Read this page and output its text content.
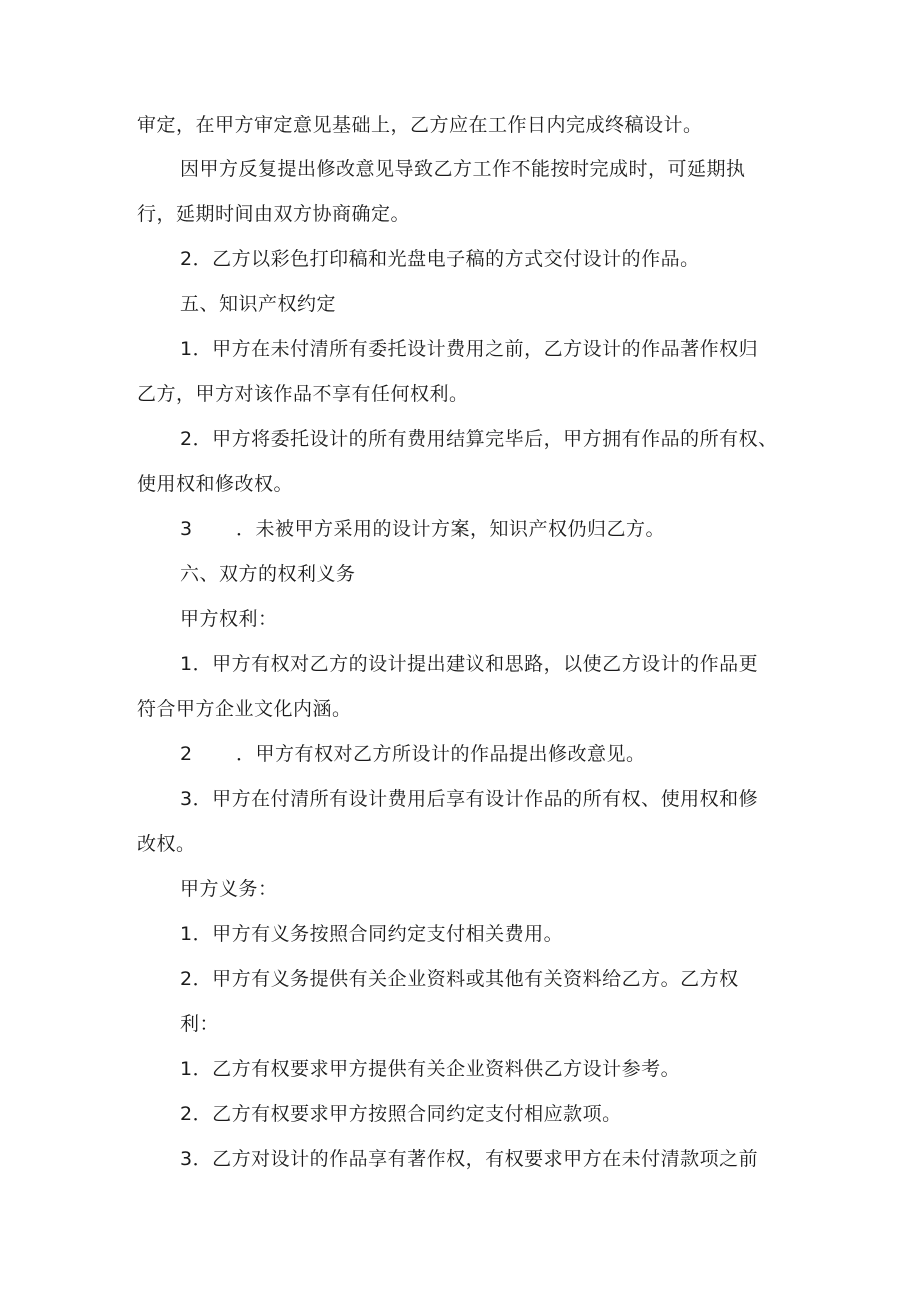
审定，在甲方审定意见基础上，乙方应在工作日内完成终稿设计。
因甲方反复提出修改意见导致乙方工作不能按时完成时，可延期执
行，延期时间由双方协商确定。
2．乙方以彩色打印稿和光盘电子稿的方式交付设计的作品。
五、知识产权约定
1．甲方在未付清所有委托设计费用之前，乙方设计的作品著作权归
乙方，甲方对该作品不享有任何权利。
2．甲方将委托设计的所有费用结算完毕后，甲方拥有作品的所有权、
使用权和修改权。
3 ．未被甲方采用的设计方案，知识产权仍归乙方。
六、双方的权利义务
甲方权利：
1．甲方有权对乙方的设计提出建议和思路，以使乙方设计的作品更
符合甲方企业文化内涵。
2 ．甲方有权对乙方所设计的作品提出修改意见。
3．甲方在付清所有设计费用后享有设计作品的所有权、使用权和修
改权。
甲方义务：
1．甲方有义务按照合同约定支付相关费用。
2．甲方有义务提供有关企业资料或其他有关资料给乙方。乙方权
利：
1．乙方有权要求甲方提供有关企业资料供乙方设计参考。
2．乙方有权要求甲方按照合同约定支付相应款项。
3．乙方对设计的作品享有著作权，有权要求甲方在未付清款项之前
